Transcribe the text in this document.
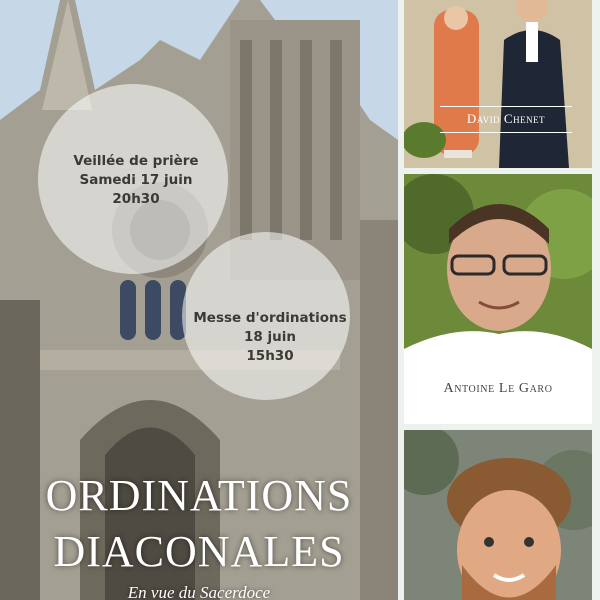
Veillée de prière
Samedi 17 juin
20h30
Messe d'ordinations
18 juin
15h30
ORDINATIONS
DIACONALES
En vue du Sacerdoce
David Chenet
Antoine Le Garo
